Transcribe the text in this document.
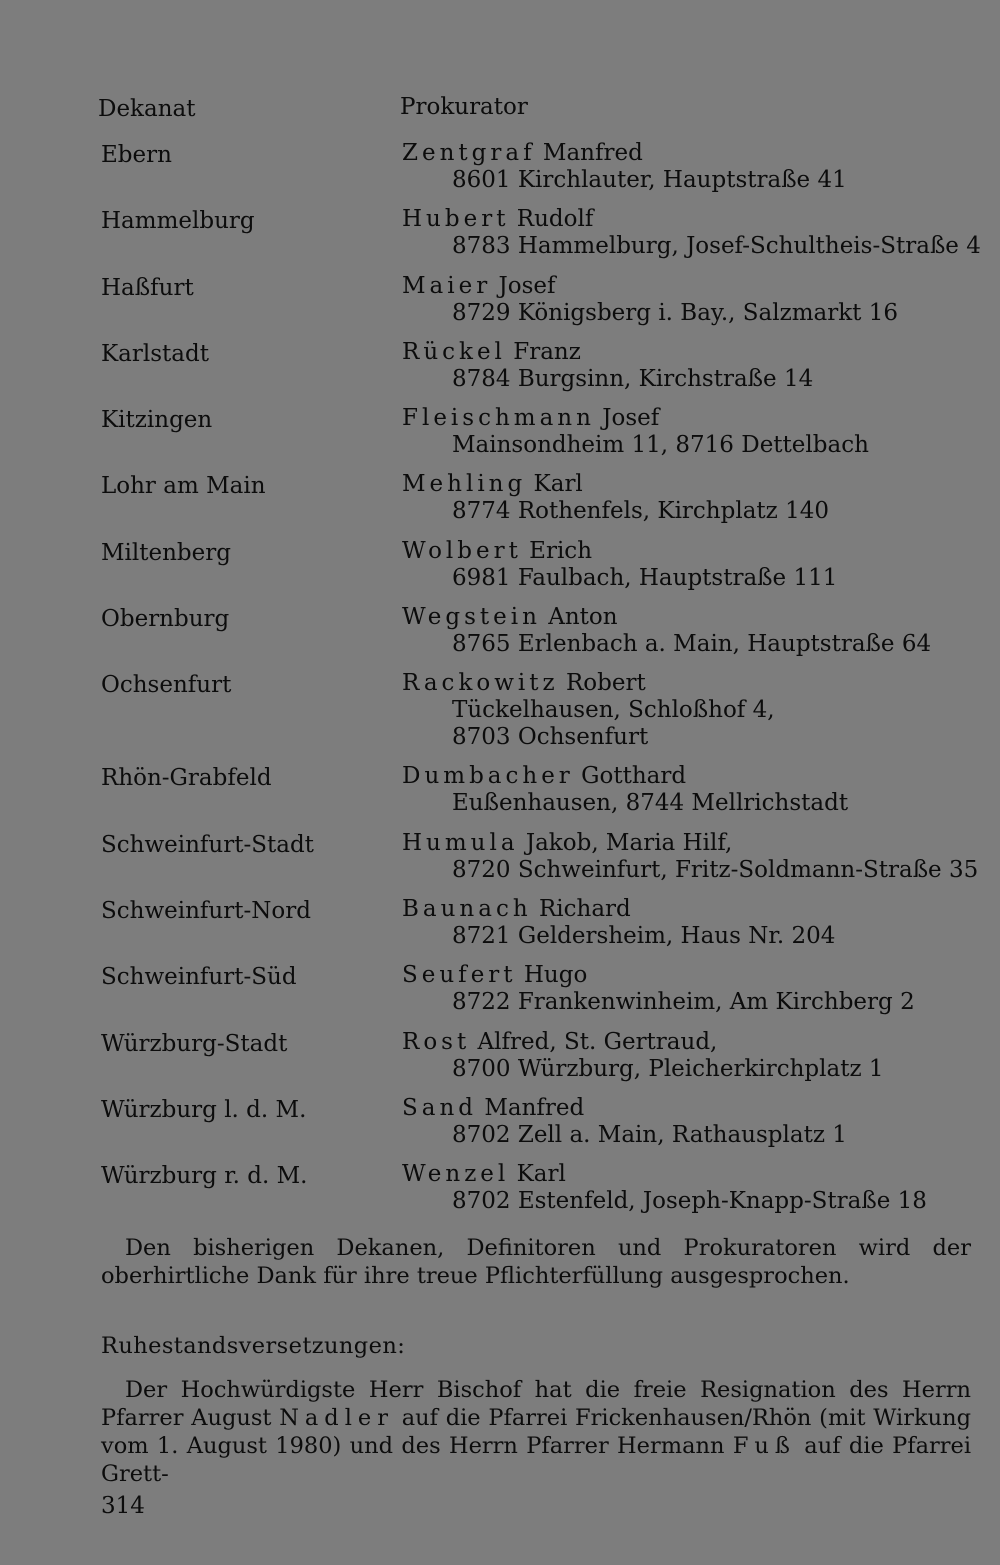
Dekanat	Prokurator
Ebern	Zentgraf Manfred
8601 Kirchlauter, Hauptstraße 41
Hammelburg	Hubert Rudolf
8783 Hammelburg, Josef-Schultheis-Straße 4
Haßfurt	Maier Josef
8729 Königsberg i. Bay., Salzmarkt 16
Karlstadt	Rückel Franz
8784 Burgsinn, Kirchstraße 14
Kitzingen	Fleischmann Josef
Mainsondheim 11, 8716 Dettelbach
Lohr am Main	Mehling Karl
8774 Rothenfels, Kirchplatz 140
Miltenberg	Wolbert Erich
6981 Faulbach, Hauptstraße 111
Obernburg	Wegstein Anton
8765 Erlenbach a. Main, Hauptstraße 64
Ochsenfurt	Rackowitz Robert
Tückelhausen, Schloßhof 4,
8703 Ochsenfurt
Rhön-Grabfeld	Dumbacher Gotthard
Eußenhausen, 8744 Mellrichstadt
Schweinfurt-Stadt	Humula Jakob, Maria Hilf,
8720 Schweinfurt, Fritz-Soldmann-Straße 35
Schweinfurt-Nord	Baunach Richard
8721 Geldersheim, Haus Nr. 204
Schweinfurt-Süd	Seufert Hugo
8722 Frankenwinheim, Am Kirchberg 2
Würzburg-Stadt	Rost Alfred, St. Gertraud,
8700 Würzburg, Pleicherkirchplatz 1
Würzburg l. d. M.	Sand Manfred
8702 Zell a. Main, Rathausplatz 1
Würzburg r. d. M.	Wenzel Karl
8702 Estenfeld, Joseph-Knapp-Straße 18
Den bisherigen Dekanen, Definitoren und Prokuratoren wird der oberhirtliche Dank für ihre treue Pflichterfüllung ausgesprochen.
Ruhestandsversetzungen:
Der Hochwürdigste Herr Bischof hat die freie Resignation des Herrn Pfarrer August Nadler auf die Pfarrei Frickenhausen/Rhön (mit Wirkung vom 1. August 1980) und des Herrn Pfarrer Hermann Fuß auf die Pfarrei Grett-
314
